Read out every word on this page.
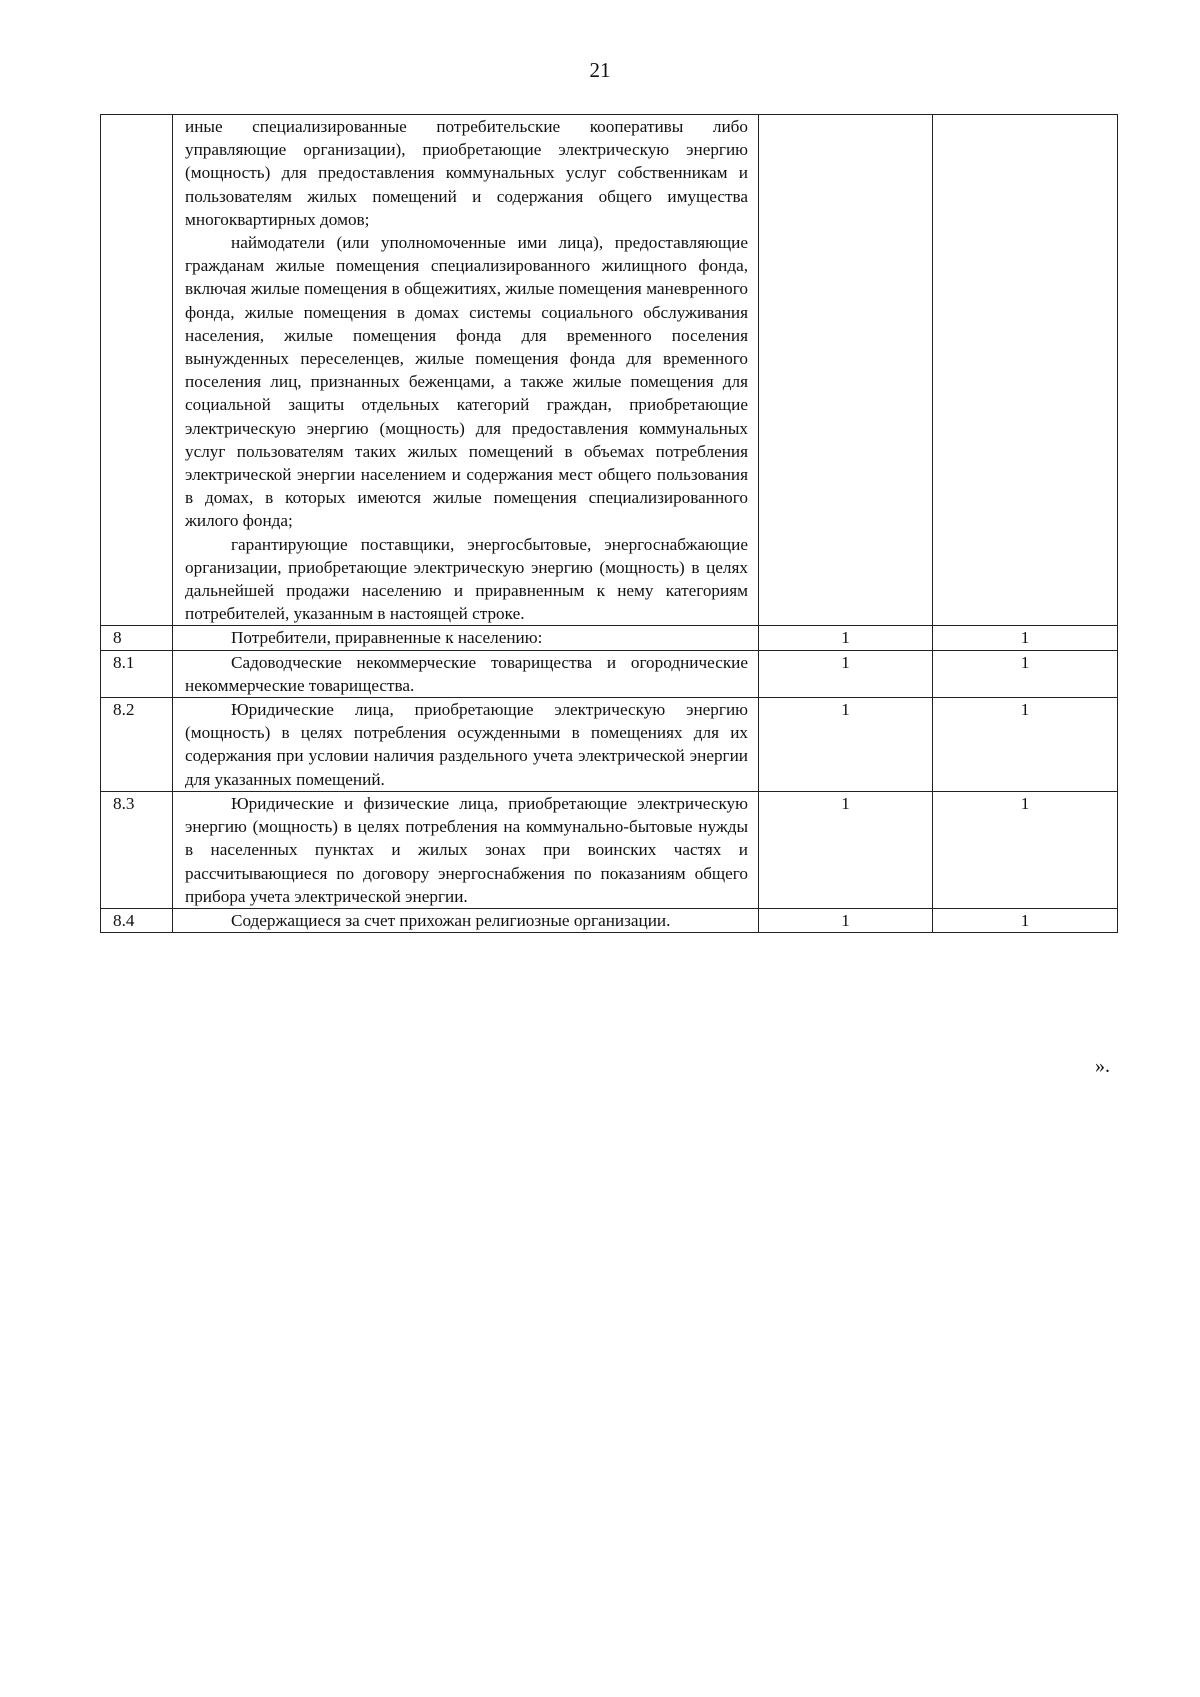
21

	иные специализированные потребительские кооперативы либо управляющие организации), приобретающие электрическую энергию (мощность) для предоставления коммунальных услуг собственникам и пользователям жилых помещений и содержания общего имущества многоквартирных домов;

наймодатели (или уполномоченные ими лица), предоставляющие гражданам жилые помещения специализированного жилищного фонда, включая жилые помещения в общежитиях, жилые помещения маневренного фонда, жилые помещения в домах системы социального обслуживания населения, жилые помещения фонда для временного поселения вынужденных переселенцев, жилые помещения фонда для временного поселения лиц, признанных беженцами, а также жилые помещения для социальной защиты отдельных категорий граждан, приобретающие электрическую энергию (мощность) для предоставления коммунальных услуг пользователям таких жилых помещений в объемах потребления электрической энергии населением и содержания мест общего пользования в домах, в которых имеются жилые помещения специализированного жилого фонда;

гарантирующие поставщики, энергосбытовые, энергоснабжающие организации, приобретающие электрическую энергию (мощность) в целях дальнейшей продажи населению и приравненным к нему категориям потребителей, указанным в настоящей строке.		

8	Потребители, приравненные к населению:	1	1
8.1	Садоводческие некоммерческие товарищества и огороднические некоммерческие товарищества.	1	1
8.2	Юридические лица, приобретающие электрическую энергию (мощность) в целях потребления осужденными в помещениях для их содержания при условии наличия раздельного учета электрической энергии для указанных помещений.	1	1
8.3	Юридические и физические лица, приобретающие электрическую энергию (мощность) в целях потребления на коммунально-бытовые нужды в населенных пунктах и жилых зонах при воинских частях и рассчитывающиеся по договору энергоснабжения по показаниям общего прибора учета электрической энергии.	1	1
8.4	Содержащиеся за счет прихожан религиозные организации.	1	1
».
